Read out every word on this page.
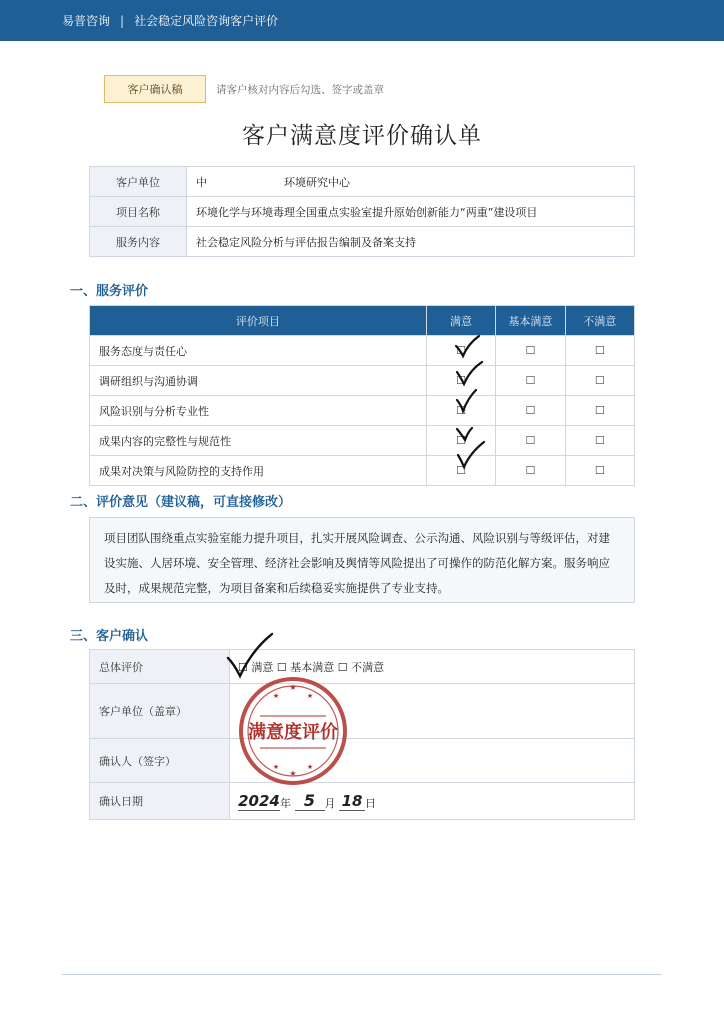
易普咨询 | 社会稳定风险咨询客户评价
客户确认稿	请客户核对内容后勾选、签字或盖章
客户满意度评价确认单
客户单位	中　　　　　　　环境研究中心
项目名称	环境化学与环境毒理全国重点实验室提升原始创新能力“两重”建设项目
服务内容	社会稳定风险分析与评估报告编制及备案支持
一、服务评价
评价项目	满意	基本满意	不满意
服务态度与责任心	☐	☐	☐
调研组织与沟通协调	☐	☐	☐
风险识别与分析专业性	☐	☐	☐
成果内容的完整性与规范性	☐	☐	☐
成果对决策与风险防控的支持作用	☐	☐	☐
二、评价意见（建议稿，可直接修改）
项目团队围绕重点实验室能力提升项目，扎实开展风险调查、公示沟通、风险识别与等级评估，对建设实施、人居环境、安全管理、经济社会影响及舆情等风险提出了可操作的防范化解方案。服务响应及时，成果规范完整，为项目备案和后续稳妥实施提供了专业支持。
三、客户确认
总体评价	☐ 满意 ☐ 基本满意 ☐ 不满意
客户单位（盖章）	
确认人（签字）	
确认日期	2024年 5 月 18 日
★
★	★
★
★	★
满意度评价
